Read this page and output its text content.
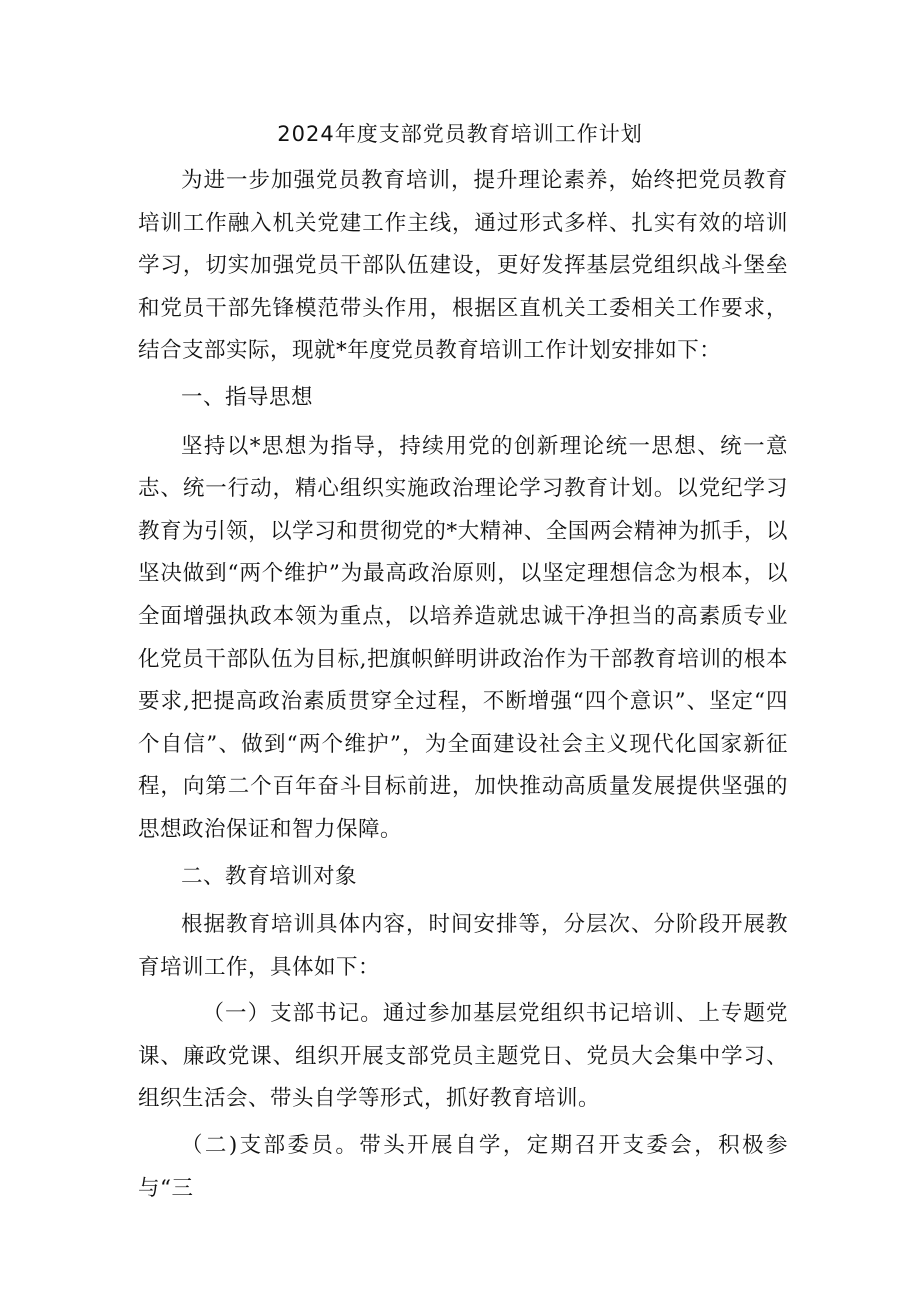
2024年度支部党员教育培训工作计划

为进一步加强党员教育培训，提升理论素养，始终把党员教育培训工作融入机关党建工作主线，通过形式多样、扎实有效的培训学习，切实加强党员干部队伍建设，更好发挥基层党组织战斗堡垒和党员干部先锋模范带头作用，根据区直机关工委相关工作要求，结合支部实际，现就*年度党员教育培训工作计划安排如下：

一、指导思想

坚持以*思想为指导，持续用党的创新理论统一思想、统一意志、统一行动，精心组织实施政治理论学习教育计划。以党纪学习教育为引领，以学习和贯彻党的*大精神、全国两会精神为抓手，以坚决做到“两个维护”为最高政治原则，以坚定理想信念为根本，以全面增强执政本领为重点，以培养造就忠诚干净担当的高素质专业化党员干部队伍为目标,把旗帜鲜明讲政治作为干部教育培训的根本要求,把提高政治素质贯穿全过程，不断增强“四个意识”、坚定“四个自信”、做到“两个维护”，为全面建设社会主义现代化国家新征程，向第二个百年奋斗目标前进，加快推动高质量发展提供坚强的思想政治保证和智力保障。

二、教育培训对象

根据教育培训具体内容，时间安排等，分层次、分阶段开展教育培训工作，具体如下：

（一）支部书记。通过参加基层党组织书记培训、上专题党课、廉政党课、组织开展支部党员主题党日、党员大会集中学习、组织生活会、带头自学等形式，抓好教育培训。

（二)支部委员。带头开展自学，定期召开支委会，积极参与“三
